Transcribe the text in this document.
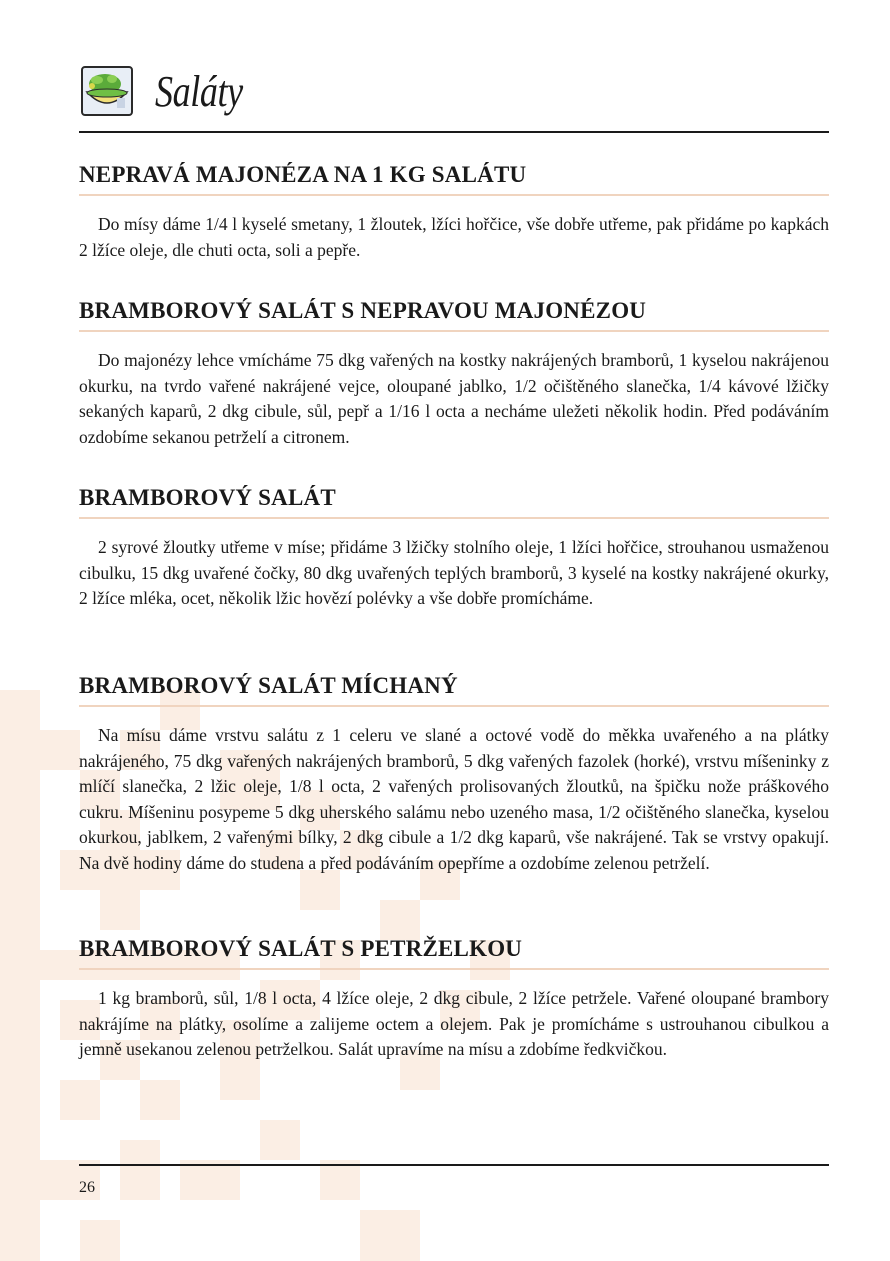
Saláty
NEPRAVÁ MAJONÉZA NA 1 KG SALÁTU

Do mísy dáme 1/4 l kyselé smetany, 1 žloutek, lžíci hořčice, vše dobře utřeme, pak přidáme po kapkách 2 lžíce oleje, dle chuti octa, soli a pepře.

BRAMBOROVÝ SALÁT S NEPRAVOU MAJONÉZOU

Do majonézy lehce vmícháme 75 dkg vařených na kostky nakrájených bramborů, 1 kyselou nakrájenou okurku, na tvrdo vařené nakrájené vejce, oloupané jablko, 1/2 očištěného slanečka, 1/4 kávové lžičky sekaných kaparů, 2 dkg cibule, sůl, pepř a 1/16 l octa a necháme uležeti několik hodin. Před podáváním ozdobíme sekanou petrželí a citronem.

BRAMBOROVÝ SALÁT

2 syrové žloutky utřeme v míse; přidáme 3 lžičky stolního oleje, 1 lžíci hořčice, strouhanou usmaženou cibulku, 15 dkg uvařené čočky, 80 dkg uvařených teplých bramborů, 3 kyselé na kostky nakrájené okurky, 2 lžíce mléka, ocet, několik lžic hovězí polévky a vše dobře promícháme.

BRAMBOROVÝ SALÁT MÍCHANÝ

Na mísu dáme vrstvu salátu z 1 celeru ve slané a octové vodě do měkka uvařeného a na plátky nakrájeného, 75 dkg vařených nakrájených bramborů, 5 dkg vařených fazolek (horké), vrstvu míšeninky z mlíčí slanečka, 2 lžic oleje, 1/8 l octa, 2 vařených prolisovaných žloutků, na špičku nože práškového cukru. Míšeninu posypeme 5 dkg uherského salámu nebo uzeného masa, 1/2 očištěného slanečka, kyselou okurkou, jablkem, 2 vařenými bílky, 2 dkg cibule a 1/2 dkg kaparů, vše nakrájené. Tak se vrstvy opakují. Na dvě hodiny dáme do studena a před podáváním opepříme a ozdobíme zelenou petrželí.

BRAMBOROVÝ SALÁT S PETRŽELKOU

1 kg bramborů, sůl, 1/8 l octa, 4 lžíce oleje, 2 dkg cibule, 2 lžíce petržele. Vařené oloupané brambory nakrájíme na plátky, osolíme a zalijeme octem a olejem. Pak je promícháme s ustrouhanou cibulkou a jemně usekanou zelenou petrželkou. Salát upravíme na mísu a zdobíme ředkvičkou.

26
